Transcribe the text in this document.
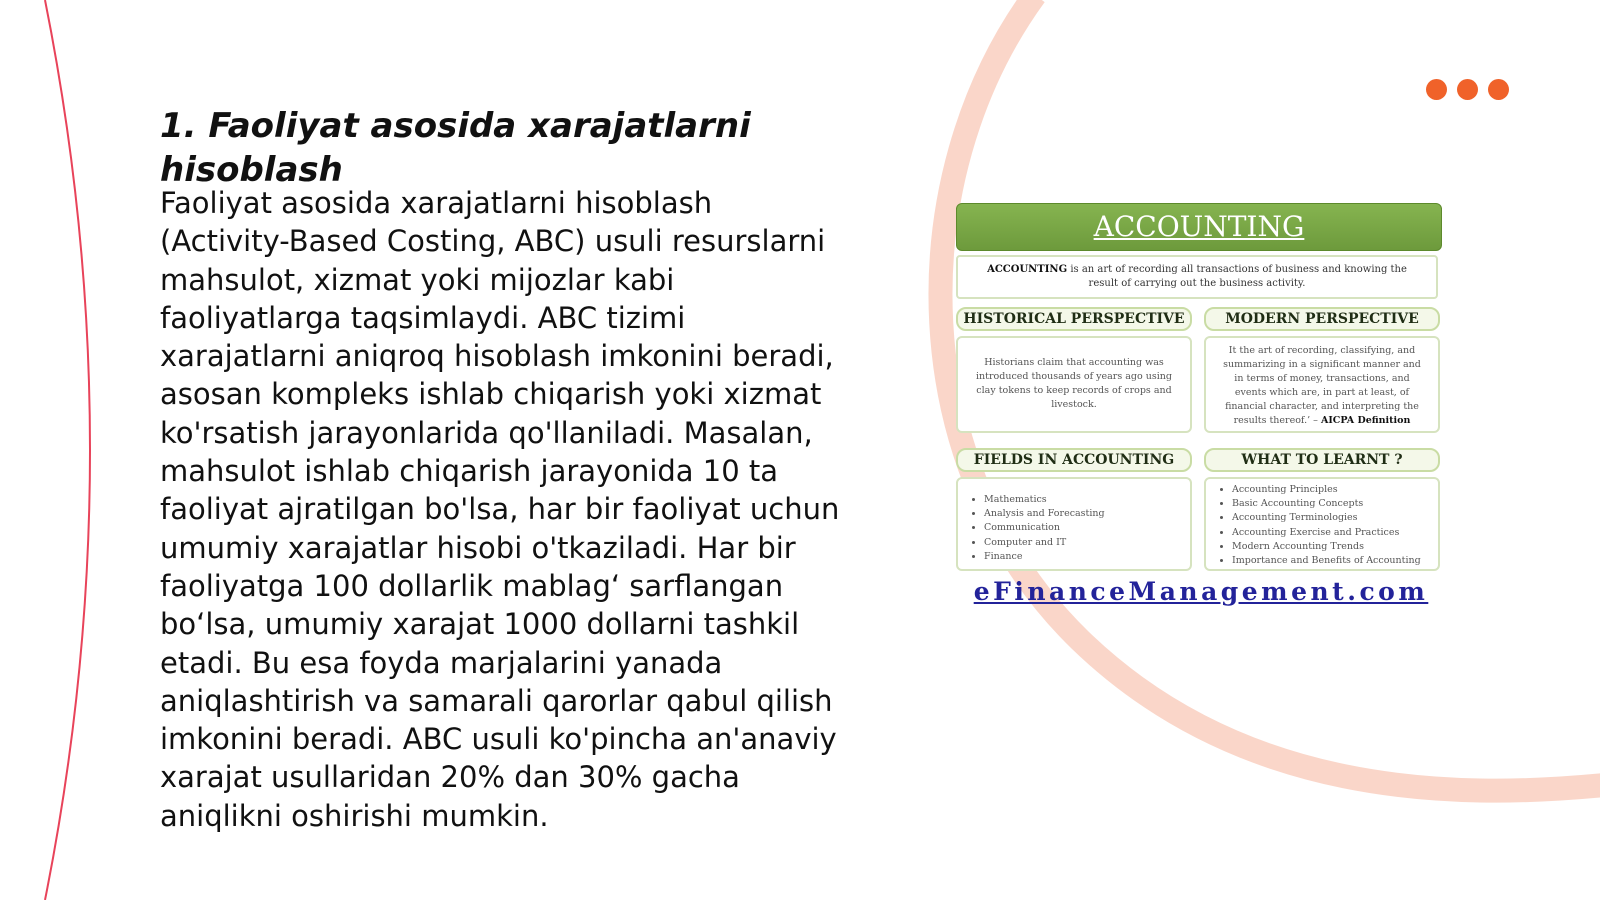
1. Faoliyat asosida xarajatlarni hisoblash

Faoliyat asosida xarajatlarni hisoblash (Activity-Based Costing, ABC) usuli resurslarni mahsulot, xizmat yoki mijozlar kabi faoliyatlarga taqsimlaydi. ABC tizimi xarajatlarni aniqroq hisoblash imkonini beradi, asosan kompleks ishlab chiqarish yoki xizmat ko'rsatish jarayonlarida qo'llaniladi. Masalan, mahsulot ishlab chiqarish jarayonida 10 ta faoliyat ajratilgan bo'lsa, har bir faoliyat uchun umumiy xarajatlar hisobi o'tkaziladi. Har bir faoliyatga 100 dollarlik mablag‘ sarflangan bo‘lsa, umumiy xarajat 1000 dollarni tashkil etadi. Bu esa foyda marjalarini yanada aniqlashtirish va samarali qarorlar qabul qilish imkonini beradi. ABC usuli ko'pincha an'anaviy xarajat usullaridan 20% dan 30% gacha aniqlikni oshirishi mumkin.

ACCOUNTING
ACCOUNTING is an art of recording all transactions of business and knowing the result of carrying out the business activity.
HISTORICAL PERSPECTIVE	MODERN PERSPECTIVE

Historians claim that accounting was introduced thousands of years ago using clay tokens to keep records of crops and livestock.

It the art of recording, classifying, and summarizing in a significant manner and in terms of money, transactions, and events which are, in part at least, of financial character, and interpreting the results thereof.’ – AICPA Definition

FIELDS IN ACCOUNTING	WHAT TO LEARNT ?
• Mathematics
• Analysis and Forecasting
• Communication
• Computer and IT
• Finance
• Accounting Principles
• Basic Accounting Concepts
• Accounting Terminologies
• Accounting Exercise and Practices
• Modern Accounting Trends
• Importance and Benefits of Accounting
eFinanceManagement.com
